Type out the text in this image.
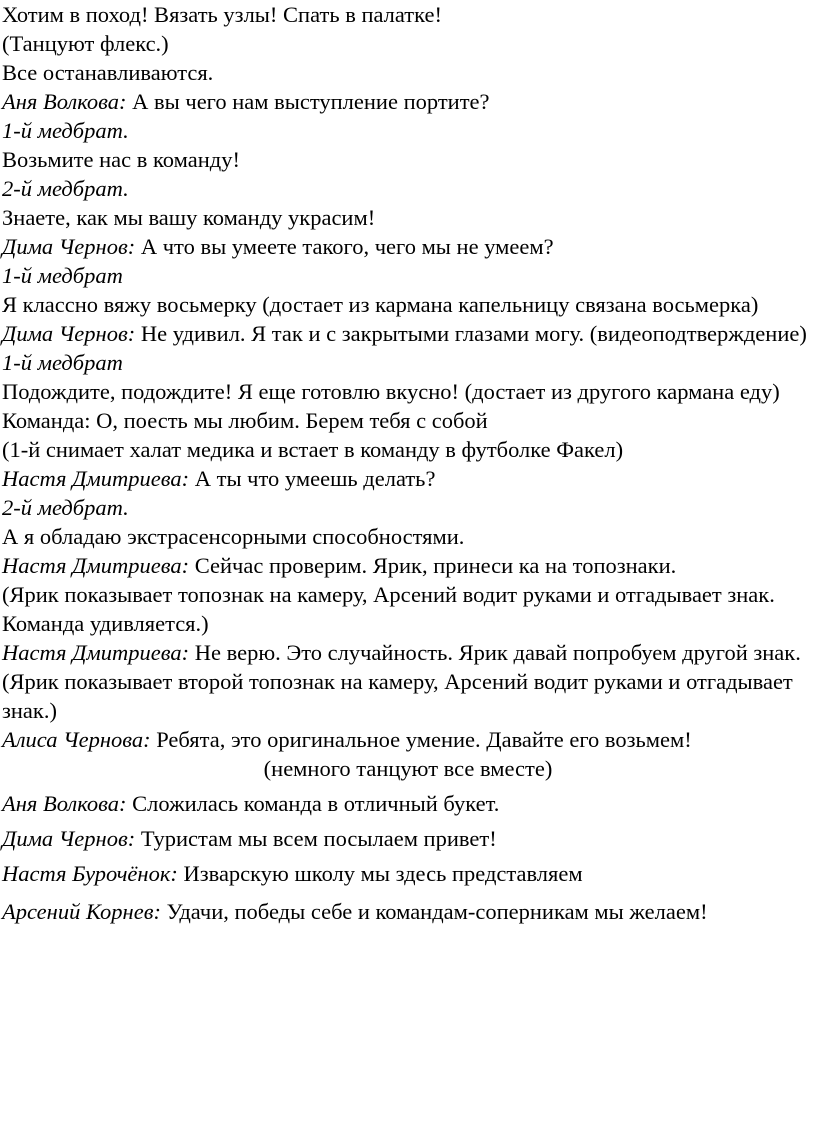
Хотим в поход! Вязать узлы! Спать в палатке!

(Танцуют флекс.)

Все останавливаются.

Аня Волкова: А вы чего нам выступление портите?

1-й медбрат.

Возьмите нас в команду!

2-й медбрат.

Знаете, как мы вашу команду украсим!

Дима Чернов: А что вы умеете такого, чего мы не умеем?

1-й медбрат

Я классно вяжу восьмерку (достает из кармана капельницу связана восьмерка)

Дима Чернов: Не удивил. Я так и с закрытыми глазами могу. (видеоподтверждение)

1-й медбрат

Подождите, подождите! Я еще готовлю вкусно! (достает из другого кармана еду)

Команда: О, поесть мы любим. Берем тебя с собой

(1-й снимает халат медика и встает в команду в футболке Факел)

Настя Дмитриева: А ты что умеешь делать?

2-й медбрат.

А я обладаю экстрасенсорными способностями.

Настя Дмитриева: Сейчас проверим. Ярик, принеси ка на топознаки.

(Ярик показывает топознак на камеру, Арсений водит руками и отгадывает знак. Команда удивляется.)

Настя Дмитриева: Не верю. Это случайность. Ярик давай попробуем другой знак.

(Ярик показывает второй топознак на камеру, Арсений водит руками и отгадывает знак.)

Алиса Чернова: Ребята, это оригинальное умение. Давайте его возьмем!

(немного танцуют все вместе)

Аня Волкова: Сложилась команда в отличный букет.

Дима Чернов: Туристам мы всем посылаем привет!

Настя Бурочёнок: Изварскую школу мы здесь представляем

Арсений Корнев: Удачи, победы себе и командам-соперникам мы желаем!
